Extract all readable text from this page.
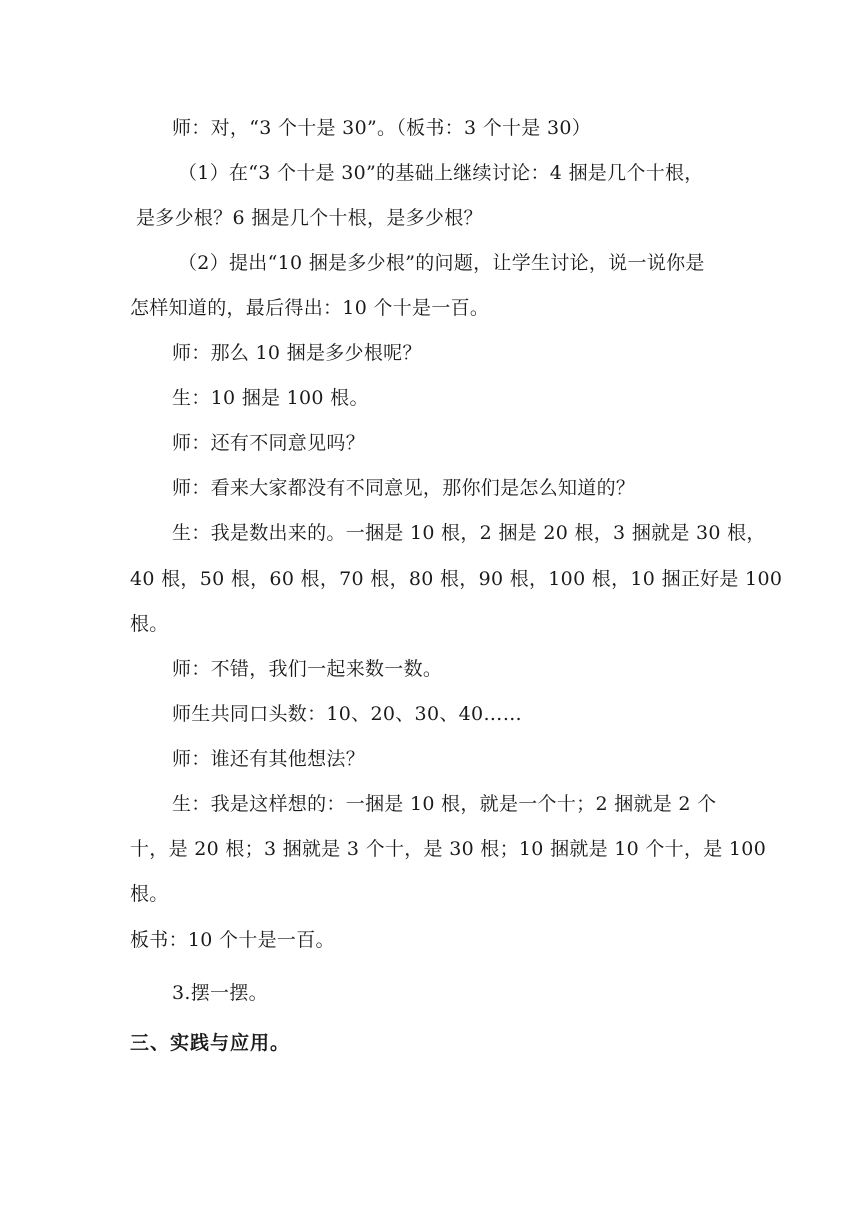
师：对，“3 个十是 30”。（板书：3 个十是 30）
（1）在“3 个十是 30”的基础上继续讨论：4 捆是几个十根，
是多少根？6 捆是几个十根，是多少根？
（2）提出“10 捆是多少根”的问题，让学生讨论，说一说你是
怎样知道的，最后得出：10 个十是一百。
师：那么 10 捆是多少根呢？
生：10 捆是 100 根。
师：还有不同意见吗？
师：看来大家都没有不同意见，那你们是怎么知道的？
生：我是数出来的。一捆是 10 根，2 捆是 20 根，3 捆就是 30 根，
40 根，50 根，60 根，70 根，80 根，90 根，100 根，10 捆正好是 100
根。
师：不错，我们一起来数一数。
师生共同口头数：10、20、30、40……
师：谁还有其他想法？
生：我是这样想的：一捆是 10 根，就是一个十；2 捆就是 2 个
十，是 20 根；3 捆就是 3 个十，是 30 根；10 捆就是 10 个十，是 100
根。
板书：10 个十是一百。
3.摆一摆。
三、实践与应用。
